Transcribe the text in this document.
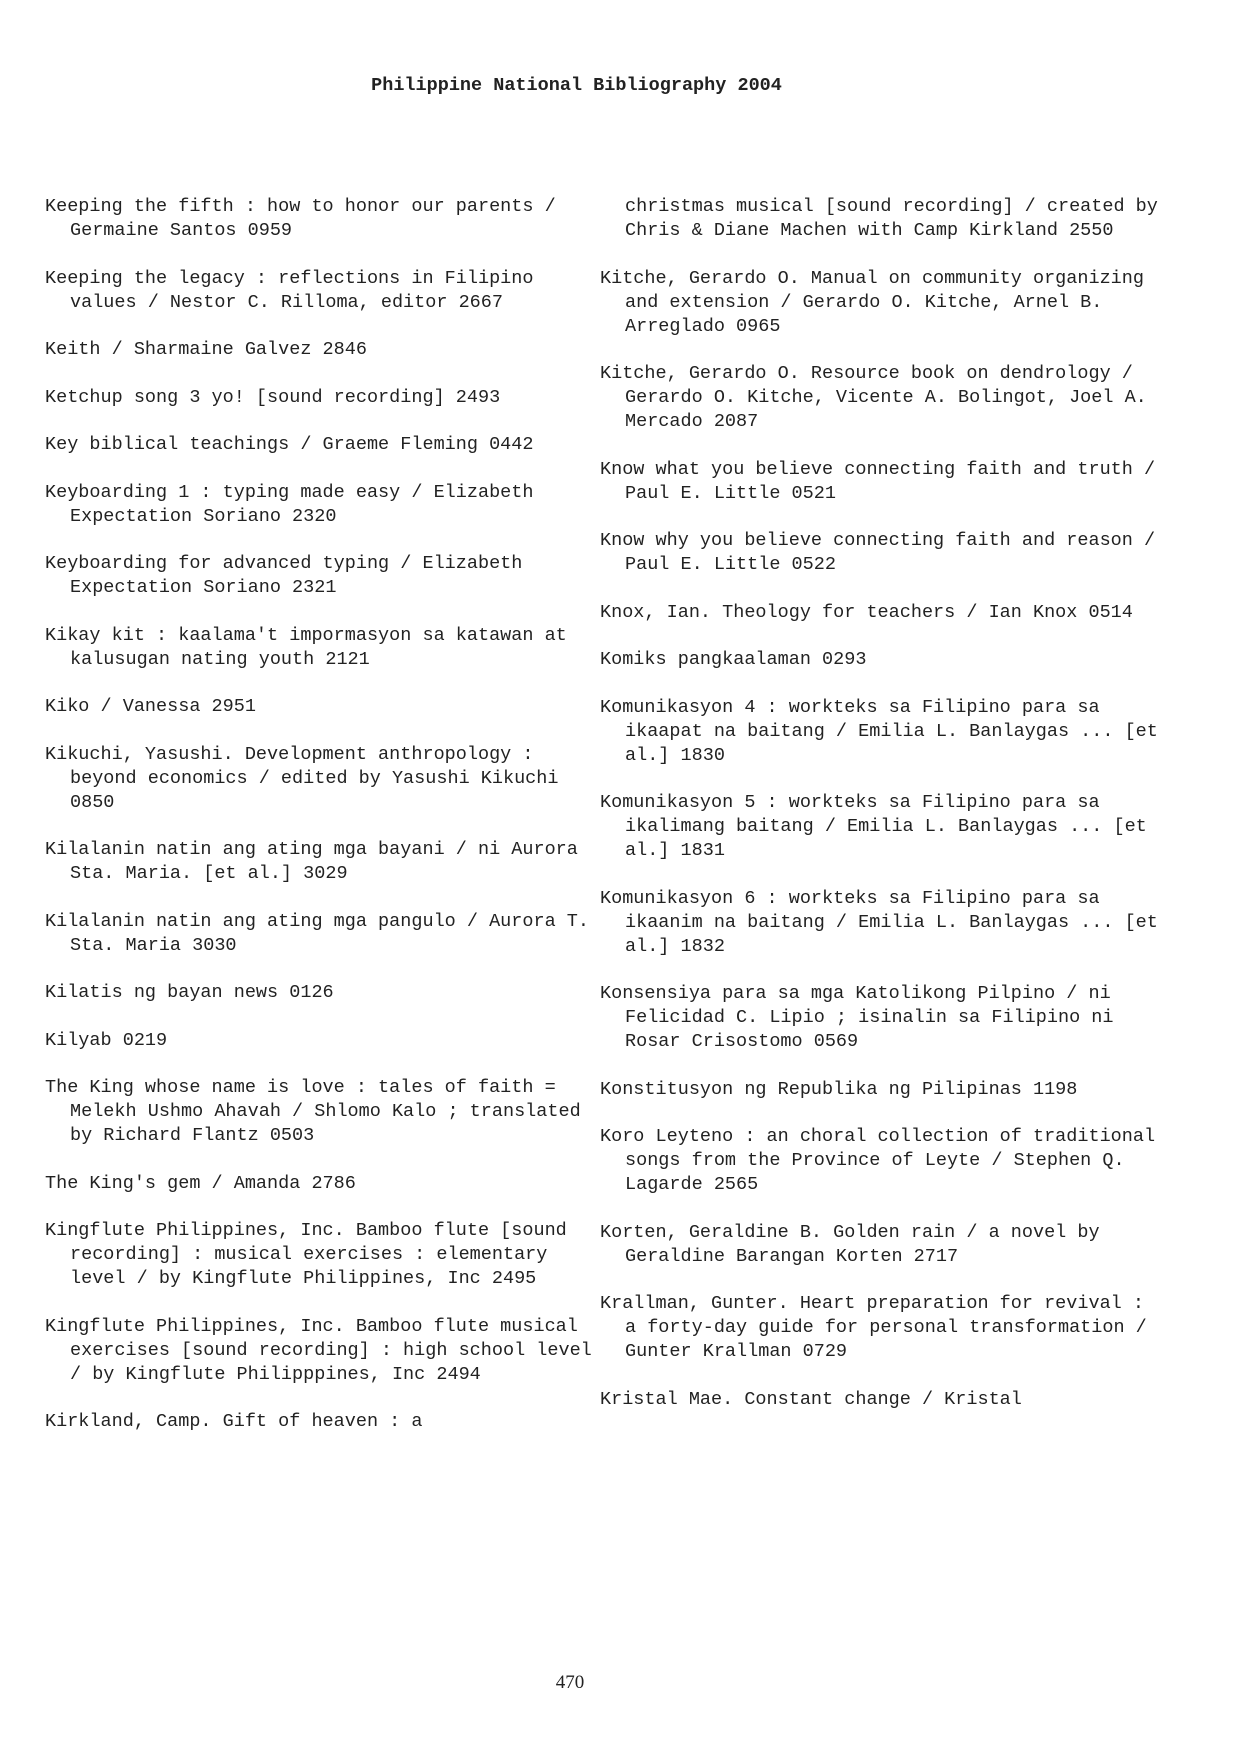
Philippine National Bibliography 2004

Keeping the fifth : how to honor our parents / Germaine Santos 0959

Keeping the legacy : reflections in Filipino values / Nestor C. Rilloma, editor 2667

Keith / Sharmaine Galvez 2846

Ketchup song 3 yo! [sound recording] 2493

Key biblical teachings / Graeme Fleming 0442

Keyboarding 1 : typing made easy / Elizabeth Expectation Soriano 2320

Keyboarding for advanced typing / Elizabeth Expectation Soriano 2321

Kikay kit : kaalama't impormasyon sa katawan at kalusugan nating youth 2121

Kiko / Vanessa 2951

Kikuchi, Yasushi. Development anthropology : beyond economics / edited by Yasushi Kikuchi 0850

Kilalanin natin ang ating mga bayani / ni Aurora Sta. Maria. [et al.] 3029

Kilalanin natin ang ating mga pangulo / Aurora T. Sta. Maria 3030

Kilatis ng bayan news 0126

Kilyab 0219

The King whose name is love : tales of faith = Melekh Ushmo Ahavah / Shlomo Kalo ; translated by Richard Flantz 0503

The King's gem / Amanda 2786

Kingflute Philippines, Inc. Bamboo flute [sound recording] : musical exercises : elementary level / by Kingflute Philippines, Inc 2495

Kingflute Philippines, Inc. Bamboo flute musical exercises [sound recording] : high school level / by Kingflute Philipppines, Inc 2494

Kirkland, Camp. Gift of heaven : a

christmas musical [sound recording] / created by Chris & Diane Machen with Camp Kirkland 2550

Kitche, Gerardo O. Manual on community organizing and extension / Gerardo O. Kitche, Arnel B. Arreglado 0965

Kitche, Gerardo O. Resource book on dendrology / Gerardo O. Kitche, Vicente A. Bolingot, Joel A. Mercado 2087

Know what you believe connecting faith and truth / Paul E. Little 0521

Know why you believe connecting faith and reason / Paul E. Little 0522

Knox, Ian. Theology for teachers / Ian Knox 0514

Komiks pangkaalaman 0293

Komunikasyon 4 : workteks sa Filipino para sa ikaapat na baitang / Emilia L. Banlaygas ... [et al.] 1830

Komunikasyon 5 : workteks sa Filipino para sa ikalimang baitang / Emilia L. Banlaygas ... [et al.] 1831

Komunikasyon 6 : workteks sa Filipino para sa ikaanim na baitang / Emilia L. Banlaygas ... [et al.] 1832

Konsensiya para sa mga Katolikong Pilpino / ni Felicidad C. Lipio ; isinalin sa Filipino ni Rosar Crisostomo 0569

Konstitusyon ng Republika ng Pilipinas 1198

Koro Leyteno : an choral collection of traditional songs from the Province of Leyte / Stephen Q. Lagarde 2565

Korten, Geraldine B. Golden rain / a novel by Geraldine Barangan Korten 2717

Krallman, Gunter. Heart preparation for revival : a forty-day guide for personal transformation / Gunter Krallman 0729

Kristal Mae. Constant change / Kristal

470
